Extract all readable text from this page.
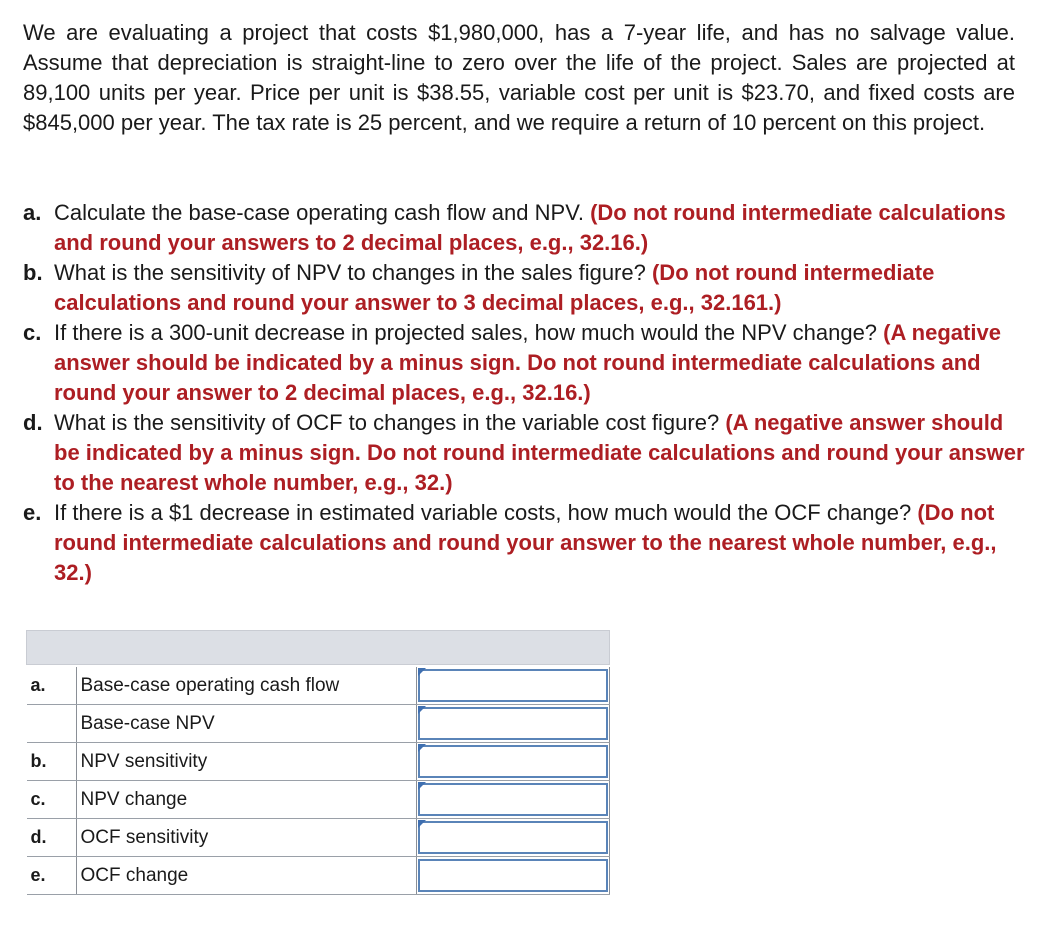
We are evaluating a project that costs $1,980,000, has a 7-year life, and has no salvage value. Assume that depreciation is straight-line to zero over the life of the project. Sales are projected at 89,100 units per year. Price per unit is $38.55, variable cost per unit is $23.70, and fixed costs are $845,000 per year. The tax rate is 25 percent, and we require a return of 10 percent on this project.
a. Calculate the base-case operating cash flow and NPV. (Do not round intermediate calculations and round your answers to 2 decimal places, e.g., 32.16.)
b. What is the sensitivity of NPV to changes in the sales figure? (Do not round intermediate calculations and round your answer to 3 decimal places, e.g., 32.161.)
c. If there is a 300-unit decrease in projected sales, how much would the NPV change? (A negative answer should be indicated by a minus sign. Do not round intermediate calculations and round your answer to 2 decimal places, e.g., 32.16.)
d. What is the sensitivity of OCF to changes in the variable cost figure? (A negative answer should be indicated by a minus sign. Do not round intermediate calculations and round your answer to the nearest whole number, e.g., 32.)
e. If there is a $1 decrease in estimated variable costs, how much would the OCF change? (Do not round intermediate calculations and round your answer to the nearest whole number, e.g., 32.)

a.	Base-case operating cash flow	

	Base-case NPV	

b.	NPV sensitivity	

c.	NPV change	

d.	OCF sensitivity	

e.	OCF change	
